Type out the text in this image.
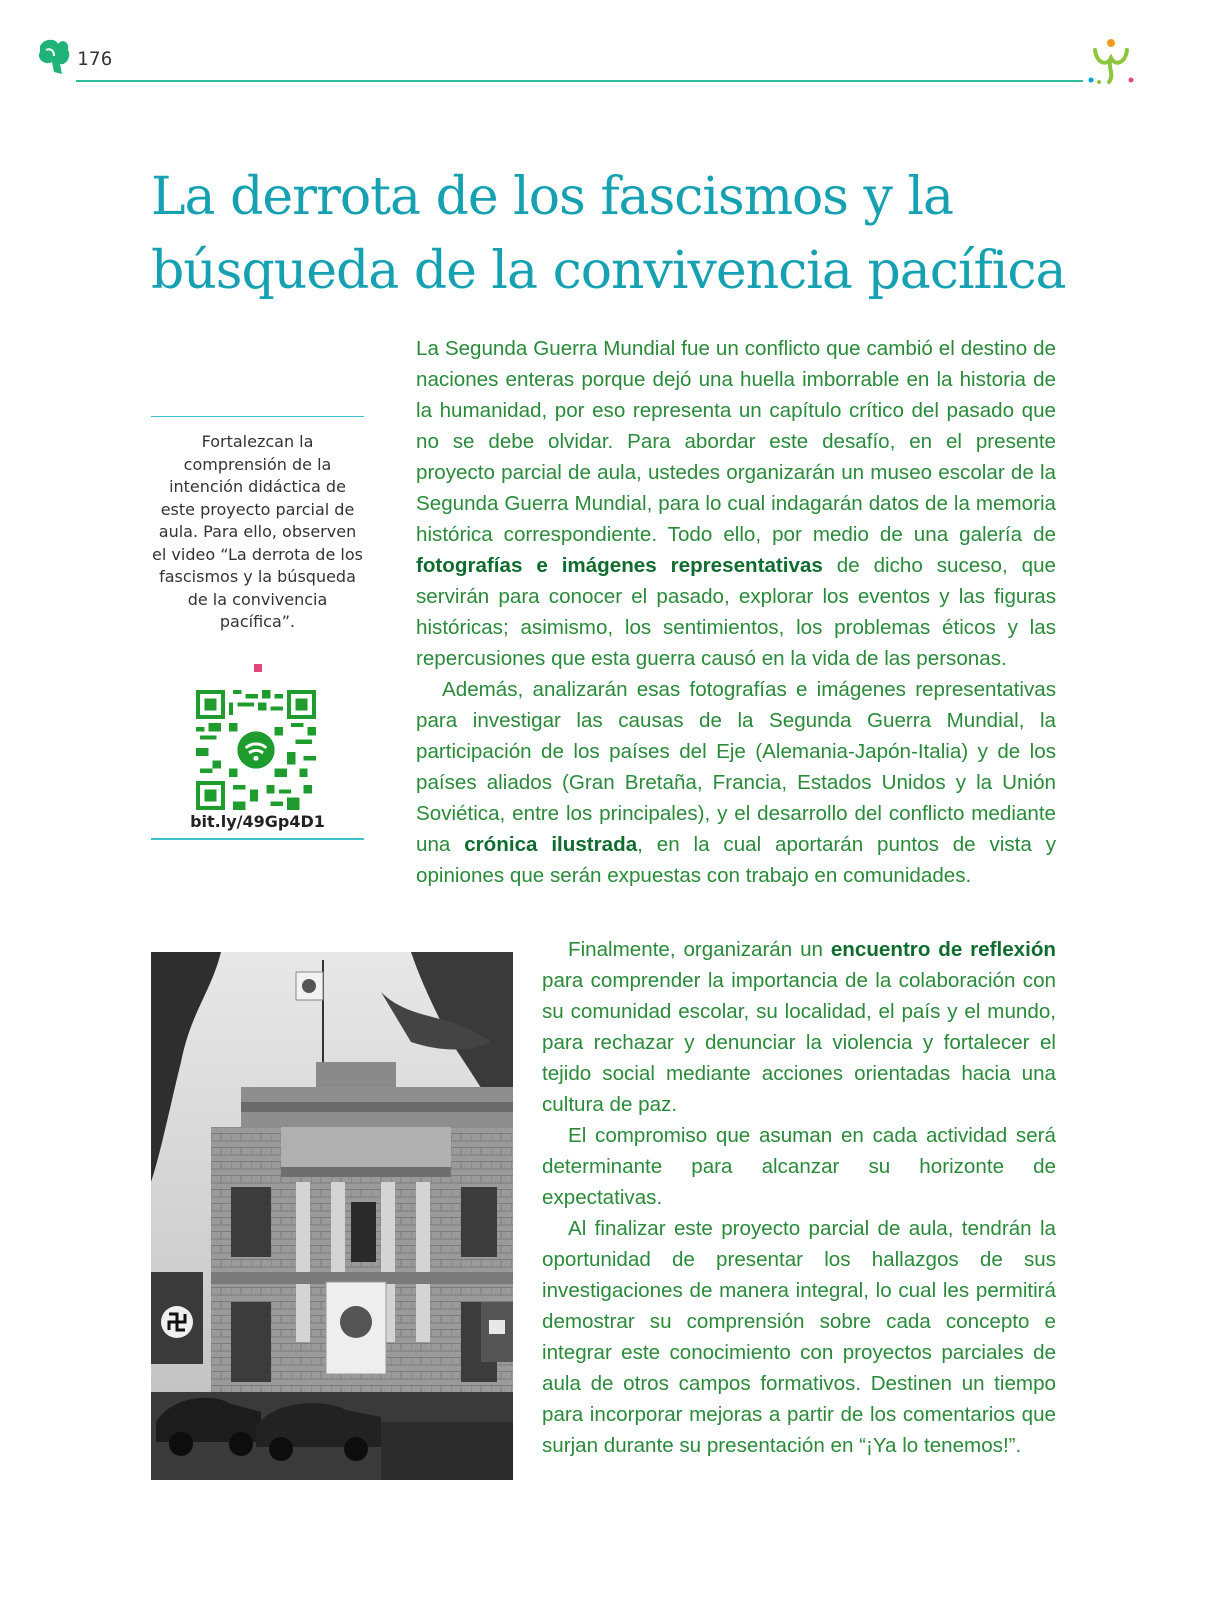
176
La derrota de los fascismos y la
búsqueda de la convivencia pacífica

Fortalezcan la comprensión de la intención didáctica de este proyecto parcial de aula. Para ello, observen el video “La derrota de los fascismos y la búsqueda de la convivencia pacífica”.

bit.ly/49Gp4D1

La Segunda Guerra Mundial fue un conflicto que cambió el destino de naciones enteras porque dejó una huella imborrable en la historia de la humanidad, por eso representa un capítulo crítico del pasado que no se debe olvidar. Para abordar este desafío, en el presente proyecto parcial de aula, ustedes organizarán un museo escolar de la Segunda Guerra Mundial, para lo cual indagarán datos de la memoria histórica correspondiente. Todo ello, por medio de una galería de fotografías e imágenes representativas de dicho suceso, que servirán para conocer el pasado, explorar los eventos y las figuras históricas; asimismo, los sentimientos, los problemas éticos y las repercusiones que esta guerra causó en la vida de las personas.

Además, analizarán esas fotografías e imágenes representativas para investigar las causas de la Segunda Guerra Mundial, la participación de los países del Eje (Alemania-Japón-Italia) y de los países aliados (Gran Bretaña, Francia, Estados Unidos y la Unión Soviética, entre los principales), y el desarrollo del conflicto mediante una crónica ilustrada, en la cual aportarán puntos de vista y opiniones que serán expuestas con trabajo en comunidades.

Finalmente, organizarán un encuentro de reflexión para comprender la importancia de la colaboración con su comunidad escolar, su localidad, el país y el mundo, para rechazar y denunciar la violencia y fortalecer el tejido social mediante acciones orientadas hacia una cultura de paz.

El compromiso que asuman en cada actividad será determinante para alcanzar su horizonte de expectativas.

Al finalizar este proyecto parcial de aula, tendrán la oportunidad de presentar los hallazgos de sus investigaciones de manera integral, lo cual les permitirá demostrar su comprensión sobre cada concepto e integrar este conocimiento con proyectos parciales de aula de otros campos formativos. Destinen un tiempo para incorporar mejoras a partir de los comentarios que surjan durante su presentación en “¡Ya lo tenemos!”.
